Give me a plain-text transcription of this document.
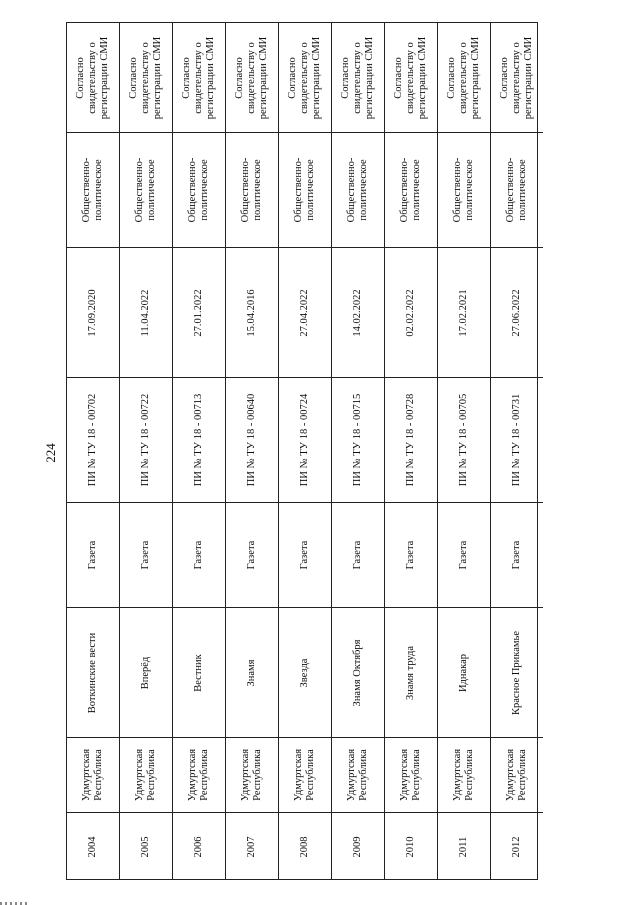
224
2004
Удмуртская Республика
Воткинские вести
Газета
ПИ № ТУ 18 - 00702
17.09.2020
Общественно-политическое
Согласно свидетельству о регистрации СМИ
2005
Удмуртская Республика
Вперёд
Газета
ПИ № ТУ 18 - 00722
11.04.2022
Общественно-политическое
Согласно свидетельству о регистрации СМИ
2006
Удмуртская Республика
Вестник
Газета
ПИ № ТУ 18 - 00713
27.01.2022
Общественно-политическое
Согласно свидетельству о регистрации СМИ
2007
Удмуртская Республика
Знамя
Газета
ПИ № ТУ 18 - 00640
15.04.2016
Общественно-политическое
Согласно свидетельству о регистрации СМИ
2008
Удмуртская Республика
Звезда
Газета
ПИ № ТУ 18 - 00724
27.04.2022
Общественно-политическое
Согласно свидетельству о регистрации СМИ
2009
Удмуртская Республика
Знамя Октября
Газета
ПИ № ТУ 18 - 00715
14.02.2022
Общественно-политическое
Согласно свидетельству о регистрации СМИ
2010
Удмуртская Республика
Знамя труда
Газета
ПИ № ТУ 18 - 00728
02.02.2022
Общественно-политическое
Согласно свидетельству о регистрации СМИ
2011
Удмуртская Республика
Иднакар
Газета
ПИ № ТУ 18 - 00705
17.02.2021
Общественно-политическое
Согласно свидетельству о регистрации СМИ
2012
Удмуртская Республика
Красное Прикамье
Газета
ПИ № ТУ 18 - 00731
27.06.2022
Общественно-политическое
Согласно свидетельству о регистрации СМИ
